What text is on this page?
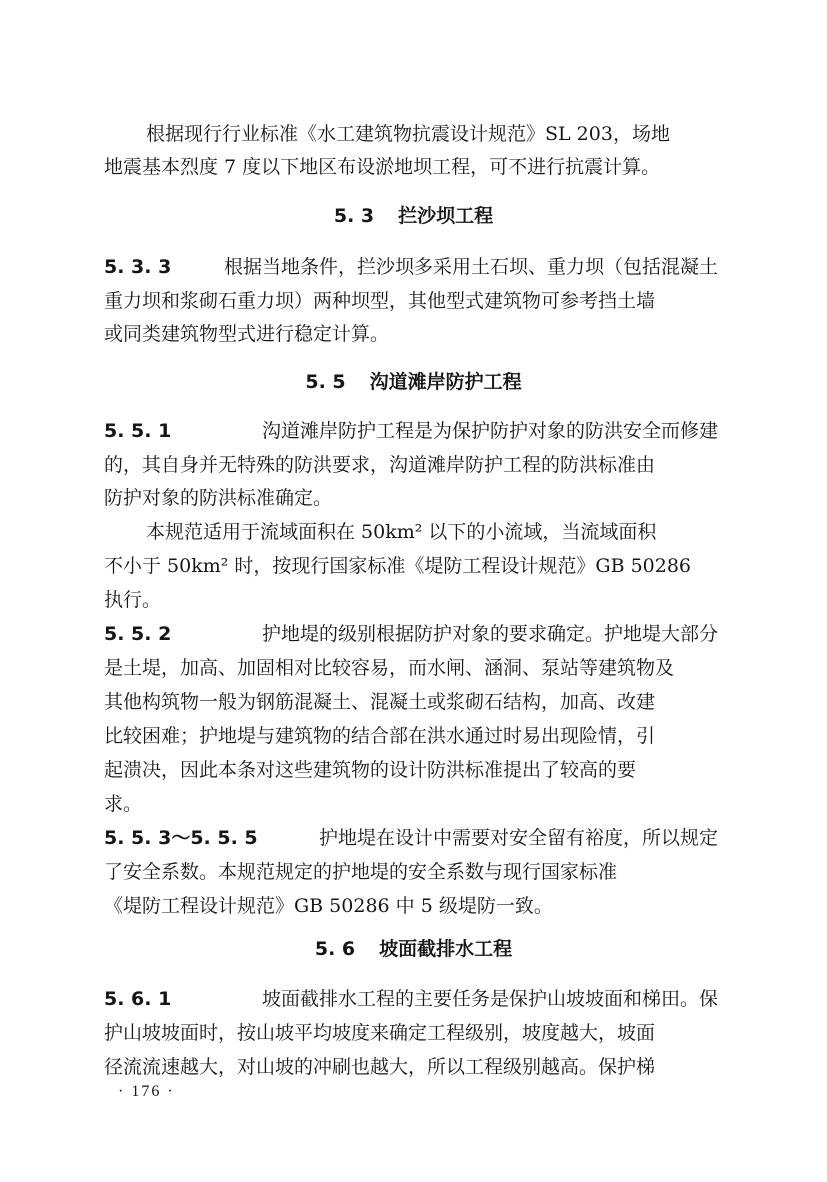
根据现行行业标准《水工建筑物抗震设计规范》SL 203，场地
地震基本烈度 7 度以下地区布设淤地坝工程，可不进行抗震计算。
5. 3 拦沙坝工程
5. 3. 3	根据当地条件，拦沙坝多采用土石坝、重力坝（包括混凝土
重力坝和浆砌石重力坝）两种坝型，其他型式建筑物可参考挡土墙
或同类建筑物型式进行稳定计算。
5. 5 沟道滩岸防护工程
5. 5. 1	沟道滩岸防护工程是为保护防护对象的防洪安全而修建
的，其自身并无特殊的防洪要求，沟道滩岸防护工程的防洪标准由
防护对象的防洪标准确定。
本规范适用于流域面积在 50km² 以下的小流域，当流域面积
不小于 50km² 时，按现行国家标准《堤防工程设计规范》GB 50286
执行。
5. 5. 2	护地堤的级别根据防护对象的要求确定。护地堤大部分
是土堤，加高、加固相对比较容易，而水闸、涵洞、泵站等建筑物及
其他构筑物一般为钢筋混凝土、混凝土或浆砌石结构，加高、改建
比较困难；护地堤与建筑物的结合部在洪水通过时易出现险情，引
起溃决，因此本条对这些建筑物的设计防洪标准提出了较高的要
求。
5. 5. 3～5. 5. 5	护地堤在设计中需要对安全留有裕度，所以规定
了安全系数。本规范规定的护地堤的安全系数与现行国家标准
《堤防工程设计规范》GB 50286 中 5 级堤防一致。
5. 6 坡面截排水工程
5. 6. 1	坡面截排水工程的主要任务是保护山坡坡面和梯田。保
护山坡坡面时，按山坡平均坡度来确定工程级别，坡度越大，坡面
径流流速越大，对山坡的冲刷也越大，所以工程级别越高。保护梯
· 176 ·
